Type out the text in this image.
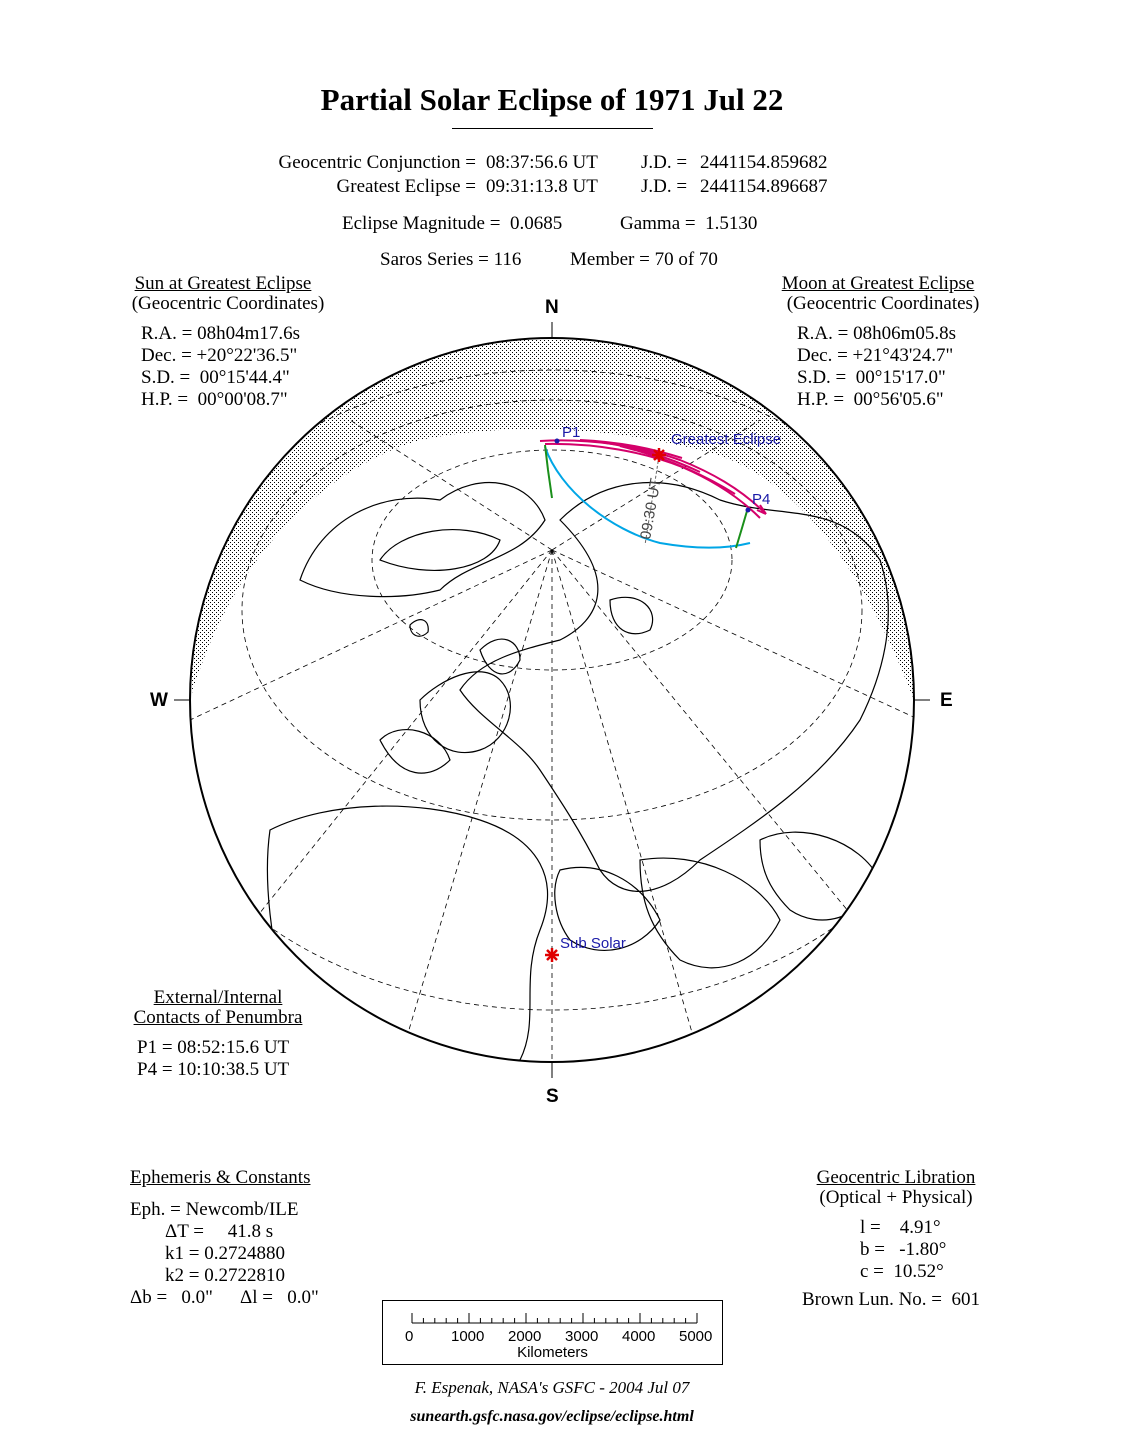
Partial Solar Eclipse of 1971 Jul 22
Geocentric Conjunction = 08:37:56.6 UT J.D. = 2441154.859682
Greatest Eclipse = 09:31:13.8 UT J.D. = 2441154.896687
Eclipse Magnitude =  0.0685	Gamma =  1.5130
Saros Series = 116	Member = 70 of 70
Sun at Greatest Eclipse
(Geocentric Coordinates)
R.A. = 08h04m17.6s
Dec. = +20°22'36.5"
S.D. =  00°15'44.4"
H.P. =  00°00'08.7"
Moon at Greatest Eclipse
(Geocentric Coordinates)
R.A. = 08h06m05.8s
Dec. = +21°43'24.7"
S.D. =  00°15'17.0"
H.P. =  00°56'05.6"
09:30 UT
P1
P4
Greatest Eclipse
Sub Solar
N
S
W	E
External/Internal
Contacts of Penumbra
P1 = 08:52:15.6 UT
P4 = 10:10:38.5 UT
Ephemeris & Constants
Eph. = Newcomb/ILE
ΔT =     41.8 s
k1 = 0.2724880
k2 = 0.2722810
Δb =   0.0" Δl =   0.0"
Geocentric Libration
(Optical + Physical)
l =    4.91°
b =   -1.80°
c =  10.52°
Brown Lun. No. =  601
0	1000 2000 3000 4000 5000
Kilometers
F. Espenak, NASA's GSFC - 2004 Jul 07
sunearth.gsfc.nasa.gov/eclipse/eclipse.html
